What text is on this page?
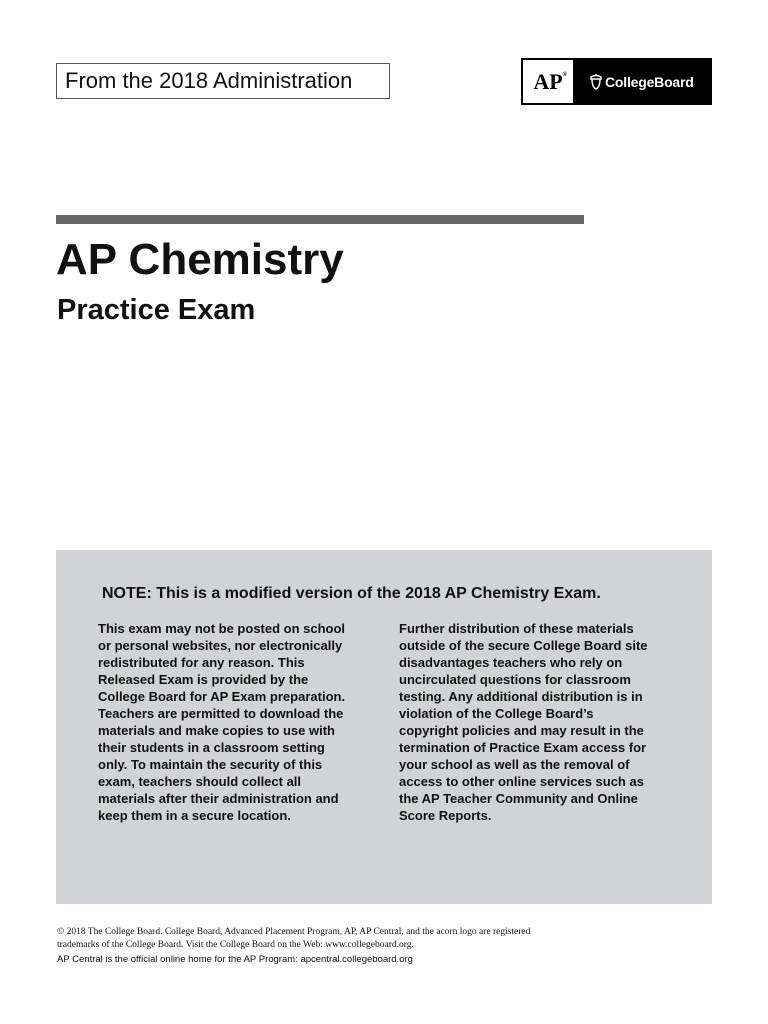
From the 2018 Administration	AP®	CollegeBoard
AP Chemistry
Practice Exam

NOTE: This is a modified version of the 2018 AP Chemistry Exam.

This exam may not be posted on school or personal websites, nor electronically redistributed for any reason. This Released Exam is provided by the College Board for AP Exam preparation. Teachers are permitted to download the materials and make copies to use with their students in a classroom setting only. To maintain the security of this exam, teachers should collect all materials after their administration and keep them in a secure location.
Further distribution of these materials outside of the secure College Board site disadvantages teachers who rely on uncirculated questions for classroom testing. Any additional distribution is in violation of the College Board’s copyright policies and may result in the termination of Practice Exam access for your school as well as the removal of access to other online services such as the AP Teacher Community and Online Score Reports.
© 2018 The College Board. College Board, Advanced Placement Program, AP, AP Central, and the acorn logo are registered trademarks of the College Board. Visit the College Board on the Web: www.collegeboard.org.
AP Central is the official online home for the AP Program: apcentral.collegeboard.org
